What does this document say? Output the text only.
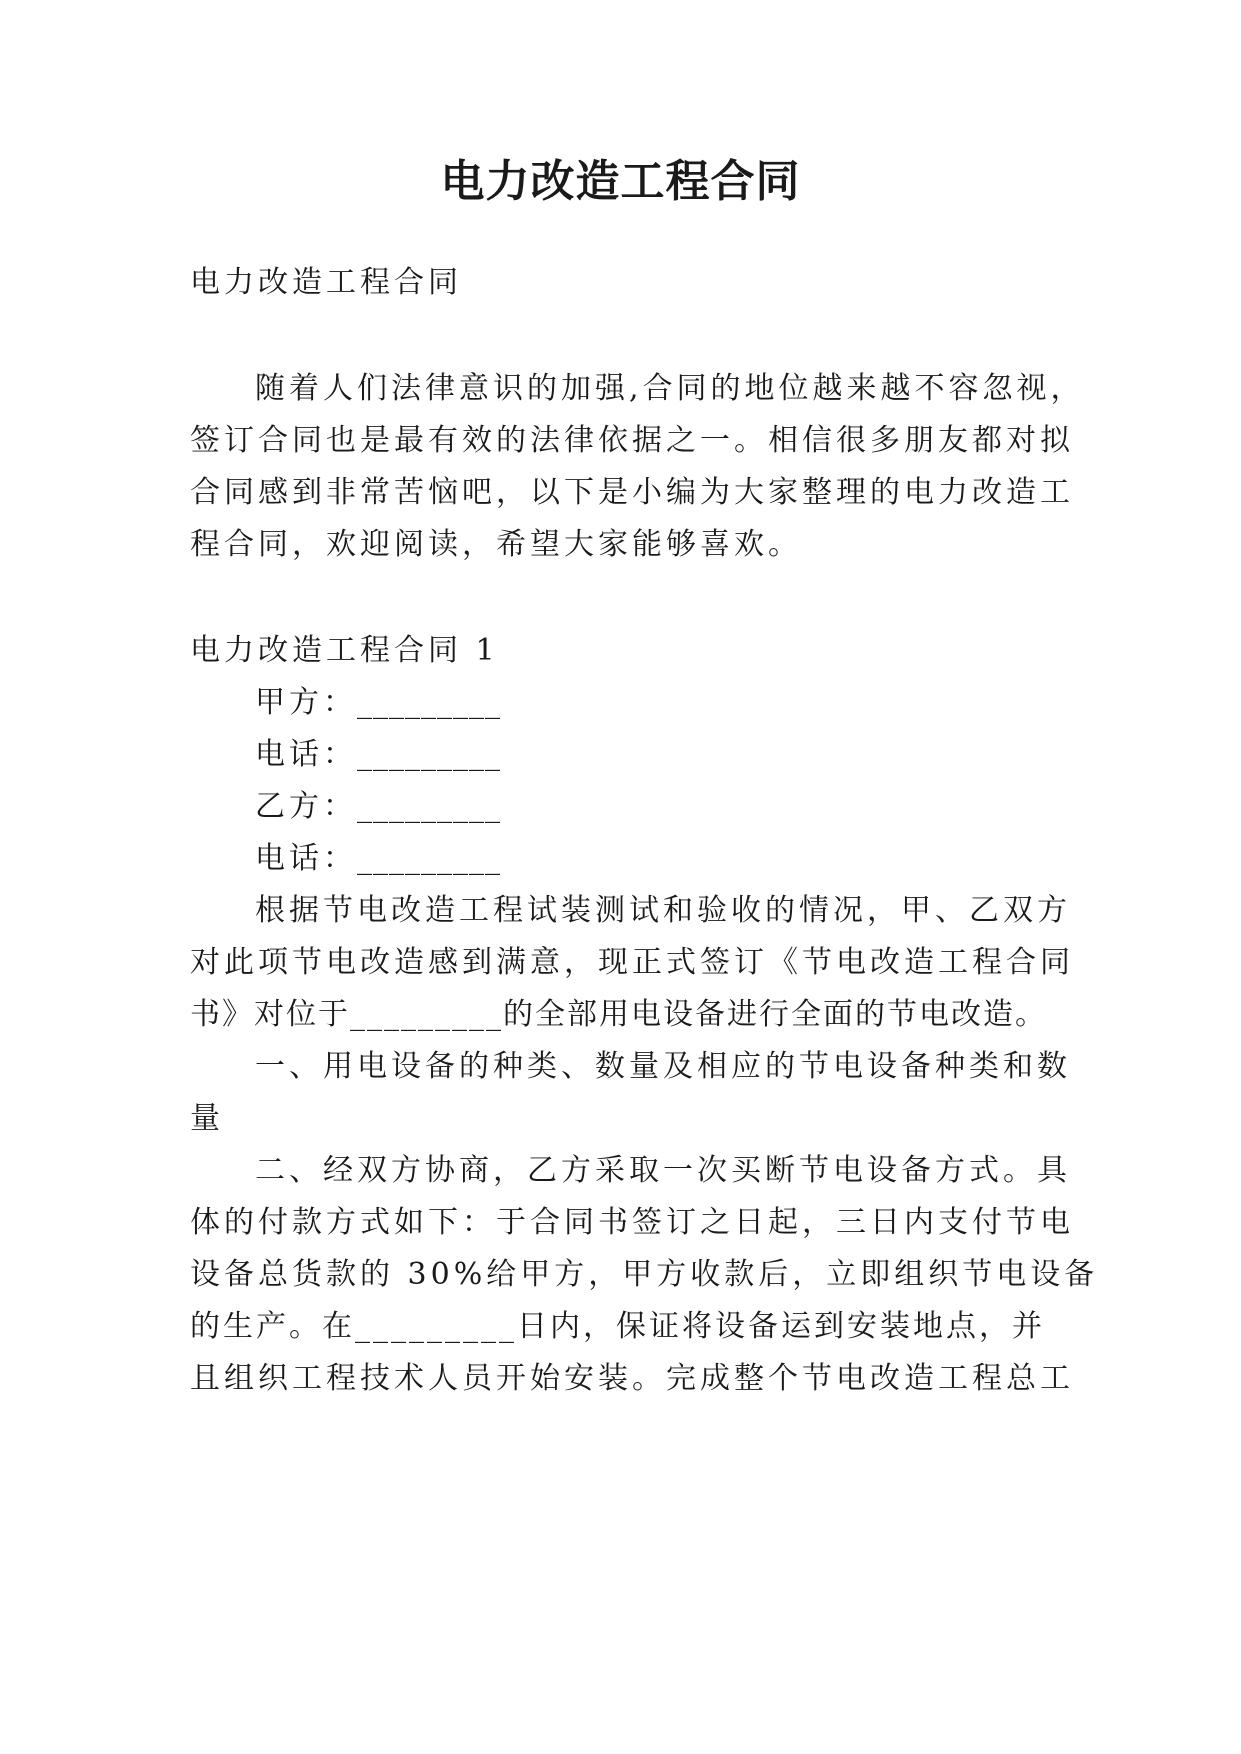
电力改造工程合同

电力改造工程合同

随着人们法律意识的加强,合同的地位越来越不容忽视，

签订合同也是最有效的法律依据之一。相信很多朋友都对拟

合同感到非常苦恼吧，以下是小编为大家整理的电力改造工

程合同，欢迎阅读，希望大家能够喜欢。

电力改造工程合同 1

甲方：_________

电话：_________

乙方：_________

电话：_________

根据节电改造工程试装测试和验收的情况，甲、乙双方

对此项节电改造感到满意，现正式签订《节电改造工程合同

书》对位于_________的全部用电设备进行全面的节电改造。

一、用电设备的种类、数量及相应的节电设备种类和数

量

二、经双方协商，乙方采取一次买断节电设备方式。具

体的付款方式如下：于合同书签订之日起，三日内支付节电

设备总货款的 30%给甲方，甲方收款后，立即组织节电设备

的生产。在_________日内，保证将设备运到安装地点，并

且组织工程技术人员开始安装。完成整个节电改造工程总工
